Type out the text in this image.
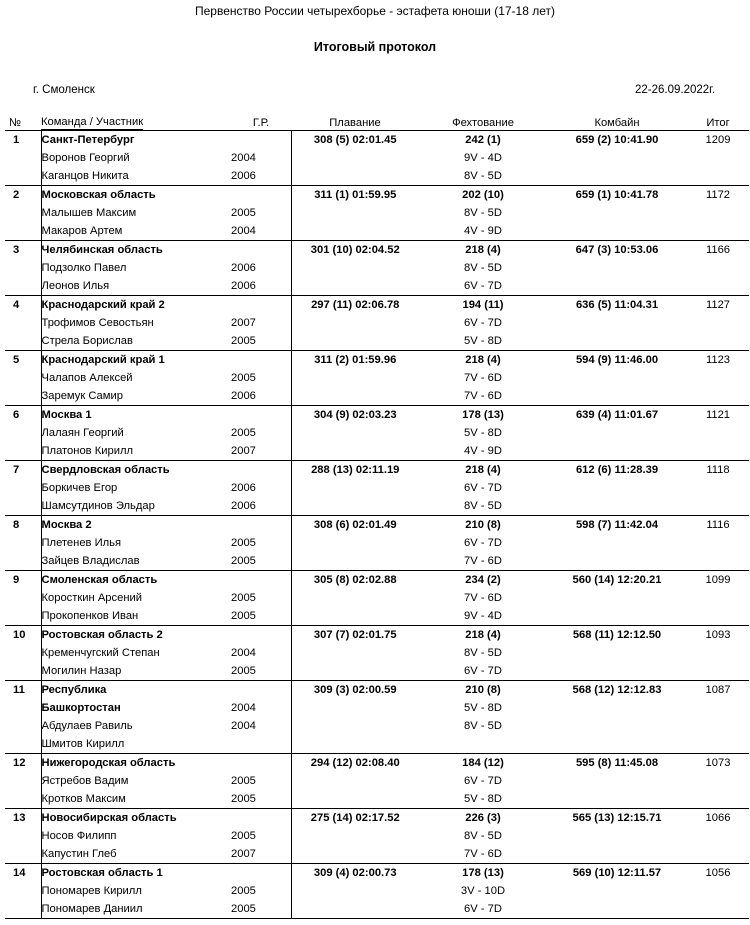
Первенство России четырехборье - эстафета юноши (17-18 лет)
Итоговый протокол
г. Смоленск	22-26.09.2022г.
№	Команда / Участник	Г.Р.	Плавание	Фехтование	Комбайн	Итог
1	Санкт-Петербург		308 (5) 02:01.45	242 (1)	659 (2) 10:41.90	1209
	Воронов Георгий	2004		9V - 4D		
	Каганцов Никита	2006		8V - 5D		
2	Московская область		311 (1) 01:59.95	202 (10)	659 (1) 10:41.78	1172
	Малышев Максим	2005		8V - 5D		
	Макаров Артем	2004		4V - 9D		
3	Челябинская область		301 (10) 02:04.52	218 (4)	647 (3) 10:53.06	1166
	Подзолко Павел	2006		8V - 5D		
	Леонов Илья	2006		6V - 7D		
4	Краснодарский край 2		297 (11) 02:06.78	194 (11)	636 (5) 11:04.31	1127
	Трофимов Севостьян	2007		6V - 7D		
	Стрела Борислав	2005		5V - 8D		
5	Краснодарский край 1		311 (2) 01:59.96	218 (4)	594 (9) 11:46.00	1123
	Чалапов Алексей	2005		7V - 6D		
	Заремук Самир	2006		7V - 6D		
6	Москва 1		304 (9) 02:03.23	178 (13)	639 (4) 11:01.67	1121
	Лалаян Георгий	2005		5V - 8D		
	Платонов Кирилл	2007		4V - 9D		
7	Свердловская область		288 (13) 02:11.19	218 (4)	612 (6) 11:28.39	1118
	Боркичев Егор	2006		6V - 7D		
	Шамсутдинов Эльдар	2006		8V - 5D		
8	Москва 2		308 (6) 02:01.49	210 (8)	598 (7) 11:42.04	1116
	Плетенев Илья	2005		6V - 7D		
	Зайцев Владислав	2005		7V - 6D		
9	Смоленская область		305 (8) 02:02.88	234 (2)	560 (14) 12:20.21	1099
	Коросткин Арсений	2005		7V - 6D		
	Прокопенков Иван	2005		9V - 4D		
10	Ростовская область 2		307 (7) 02:01.75	218 (4)	568 (11) 12:12.50	1093
	Кременчугский Степан	2004		8V - 5D		
	Могилин Назар	2005		6V - 7D		
11	Республика		309 (3) 02:00.59	210 (8)	568 (12) 12:12.83	1087
	Башкортостан	2004		5V - 8D		
	Абдулаев Равиль	2004		8V - 5D		
	Шмитов Кирилл					
12	Нижегородская область		294 (12) 02:08.40	184 (12)	595 (8) 11:45.08	1073
	Ястребов Вадим	2005		6V - 7D		
	Кротков Максим	2005		5V - 8D		
13	Новосибирская область		275 (14) 02:17.52	226 (3)	565 (13) 12:15.71	1066
	Носов Филипп	2005		8V - 5D		
	Капустин Глеб	2007		7V - 6D		
14	Ростовская область 1		309 (4) 02:00.73	178 (13)	569 (10) 12:11.57	1056
	Пономарев Кирилл	2005		3V - 10D		
	Пономарев Даниил	2005		6V - 7D		
